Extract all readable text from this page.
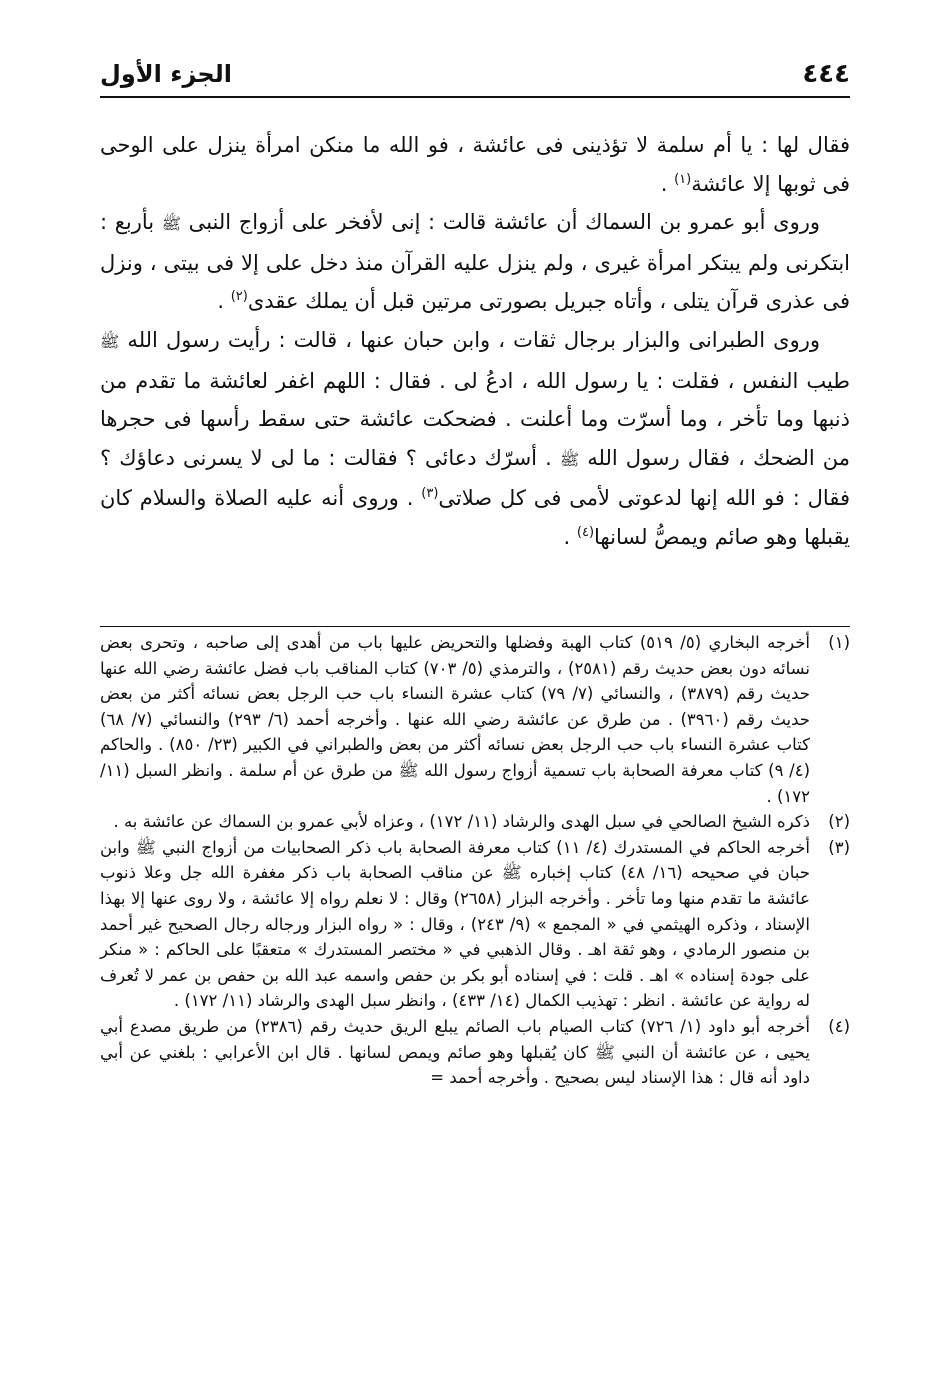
٤٤٤
الجزء الأول

فقال لها : يا أم سلمة لا تؤذينى فى عائشة ، فو الله ما منكن امرأة ينزل على الوحى فى ثوبها إلا عائشة$^{(١)}$ .

وروى أبو عمرو بن السماك أن عائشة قالت : إنى لأفخر على أزواج النبى ﷺ بأربع : ابتكرنى ولم يبتكر امرأة غيرى ، ولم ينزل عليه القرآن منذ دخل على إلا فى بيتى ، ونزل فى عذرى قرآن يتلى ، وأتاه جبريل بصورتى مرتين قبل أن يملك عقدى$^{(٢)}$ .

وروى الطبرانى والبزار برجال ثقات ، وابن حبان عنها ، قالت : رأيت رسول الله ﷺ طيب النفس ، فقلت : يا رسول الله ، ادعُ لى . فقال : اللهم اغفر لعائشة ما تقدم من ذنبها وما تأخر ، وما أسرّت وما أعلنت . فضحكت عائشة حتى سقط رأسها فى حجرها من الضحك ، فقال رسول الله ﷺ . أسرّك دعائى ؟ فقالت : ما لى لا يسرنى دعاؤك ؟ فقال : فو الله إنها لدعوتى لأمى فى كل صلاتى$^{(٣)}$ . وروى أنه عليه الصلاة والسلام كان يقبلها وهو صائم ويمصُّ لسانها$^{(٤)}$ .

(١)
أخرجه البخاري (٥/ ٥١٩) كتاب الهبة وفضلها والتحريض عليها باب من أهدى إلى صاحبه ، وتحرى بعض نسائه دون بعض حديث رقم (٢٥٨١) ، والترمذي (٥/ ٧٠٣) كتاب المناقب باب فضل عائشة رضي الله عنها حديث رقم (٣٨٧٩) ، والنسائي (٧/ ٧٩) كتاب عشرة النساء باب حب الرجل بعض نسائه أكثر من بعض حديث رقم (٣٩٦٠) . من طرق عن عائشة رضي الله عنها . وأخرجه أحمد (٦/ ٢٩٣) والنسائي (٧/ ٦٨) كتاب عشرة النساء باب حب الرجل بعض نسائه أكثر من بعض والطبراني في الكبير (٢٣/ ٨٥٠) . والحاكم (٤/ ٩) كتاب معرفة الصحابة باب تسمية أزواج رسول الله ﷺ من طرق عن أم سلمة . وانظر السبل (١١/ ١٧٢) .
(٢)
ذكره الشيخ الصالحي في سبل الهدى والرشاد (١١/ ١٧٢) ، وعزاه لأبي عمرو بن السماك عن عائشة به .
(٣)
أخرجه الحاكم في المستدرك (٤/ ١١) كتاب معرفة الصحابة باب ذكر الصحابيات من أزواج النبي ﷺ وابن حبان في صحيحه (١٦/ ٤٨) كتاب إخباره ﷺ عن مناقب الصحابة باب ذكر مغفرة الله جل وعلا ذنوب عائشة ما تقدم منها وما تأخر . وأخرجه البزار (٢٦٥٨) وقال : لا نعلم رواه إلا عائشة ، ولا روى عنها إلا بهذا الإسناد ، وذكره الهيثمي في « المجمع » (٩/ ٢٤٣) ، وقال : « رواه البزار ورجاله رجال الصحيح غير أحمد بن منصور الرمادي ، وهو ثقة اهـ . وقال الذهبي في « مختصر المستدرك » متعقبًا على الحاكم : « منكر على جودة إسناده » اهـ . قلت : في إسناده أبو بكر بن حفص واسمه عبد الله بن حفص بن عمر لا تُعرف له رواية عن عائشة . انظر : تهذيب الكمال (١٤/ ٤٣٣) ، وانظر سبل الهدى والرشاد (١١/ ١٧٢) .
(٤)
أخرجه أبو داود (١/ ٧٢٦) كتاب الصيام باب الصائم يبلع الريق حديث رقم (٢٣٨٦) من طريق مصدع أبي يحيى ، عن عائشة أن النبي ﷺ كان يُقبلها وهو صائم ويمص لسانها . قال ابن الأعرابي : بلغني عن أبي داود أنه قال : هذا الإسناد ليس بصحيح . وأخرجه أحمد =
